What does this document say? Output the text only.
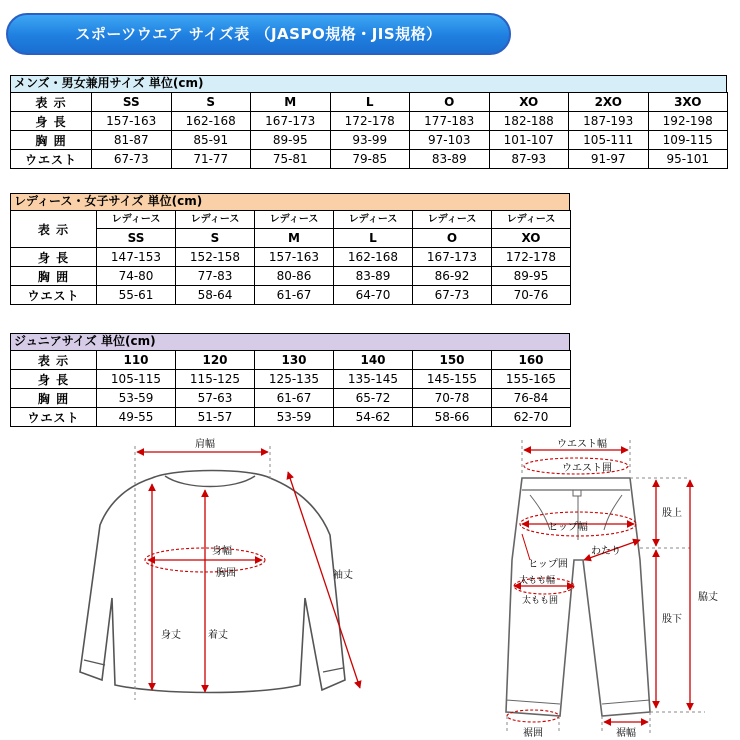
スポーツウエア サイズ表 （JASPO規格・JIS規格）
メンズ・男女兼用サイズ 単位(cm)
表 示	SS	S	M	L	O	XO	2XO	3XO
身 長	157-163	162-168	167-173	172-178	177-183	182-188	187-193	192-198
胸 囲	81-87	85-91	89-95	93-99	97-103	101-107	105-111	109-115
ウエスト	67-73	71-77	75-81	79-85	83-89	87-93	91-97	95-101
レディース・女子サイズ 単位(cm)
表 示	レディース	レディース	レディース	レディース	レディース	レディース
	SS	S	M	L	O	XO
身 長	147-153	152-158	157-163	162-168	167-173	172-178
胸 囲	74-80	77-83	80-86	83-89	86-92	89-95
ウエスト	55-61	58-64	61-67	64-70	67-73	70-76
ジュニアサイズ 単位(cm)
表 示	110	120	130	140	150	160
身 長	105-115	115-125	125-135	135-145	145-155	155-165
胸 囲	53-59	57-63	61-67	65-72	70-78	76-84
ウエスト	49-55	51-57	53-59	54-62	58-66	62-70
肩幅
身幅
胸囲
身丈	着丈
袖丈
ウエスト幅
ウエスト囲
ヒップ幅
ヒップ囲
わたり
太もも幅
太もも囲
股上
股下
脇丈
裾囲	裾幅
